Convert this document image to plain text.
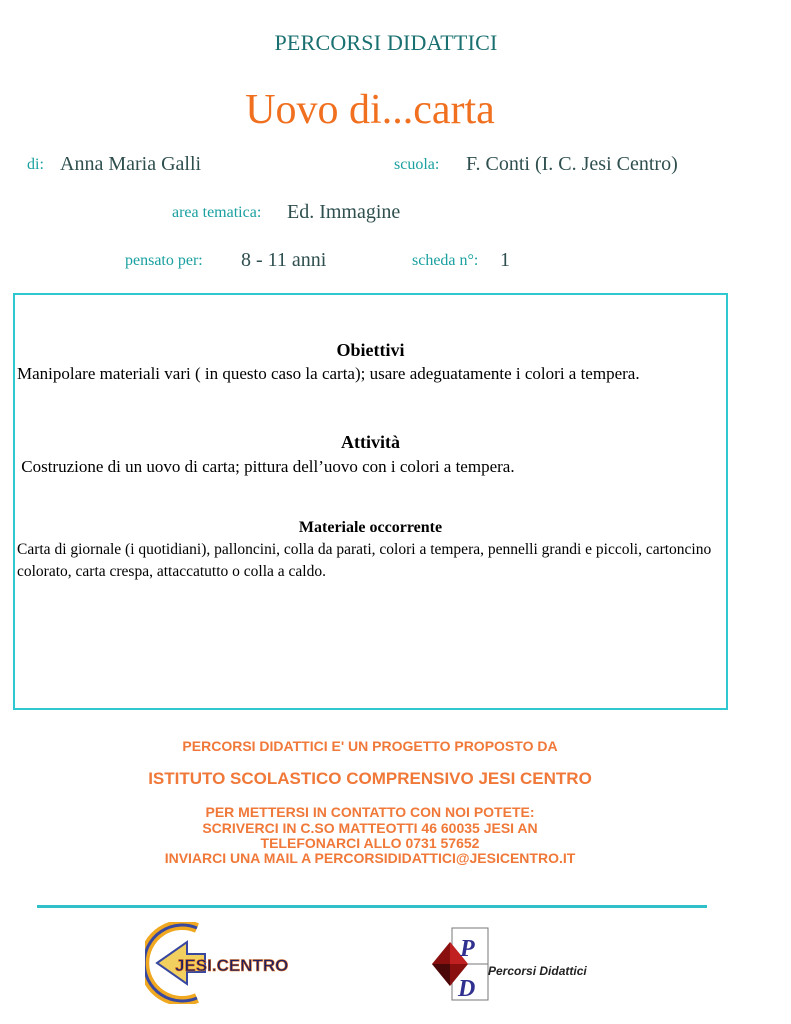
PERCORSI DIDATTICI
Uovo di...carta
di: Anna Maria Galli	scuola: F. Conti (I. C. Jesi Centro)
area tematica: Ed. Immagine
pensato per: 8 - 11 anni	scheda n°: 1
Obiettivi
Manipolare materiali vari ( in questo caso la carta); usare adeguatamente i colori a tempera.
Attività
Costruzione di un uovo di carta; pittura dell’uovo con i colori a tempera.
Materiale occorrente
Carta di giornale (i quotidiani), palloncini, colla da parati, colori a tempera, pennelli grandi e piccoli, cartoncino colorato, carta crespa, attaccatutto o colla a caldo.
PERCORSI DIDATTICI E' UN PROGETTO PROPOSTO DA
ISTITUTO SCOLASTICO COMPRENSIVO JESI CENTRO
PER METTERSI IN CONTATTO CON NOI POTETE:
SCRIVERCI IN C.SO MATTEOTTI 46 60035 JESI AN
TELEFONARCI ALLO 0731 57652
INVIARCI UNA MAIL A PERCORSIDIDATTICI@JESICENTRO.IT
JESI.CENTRO
P
D
Percorsi Didattici
